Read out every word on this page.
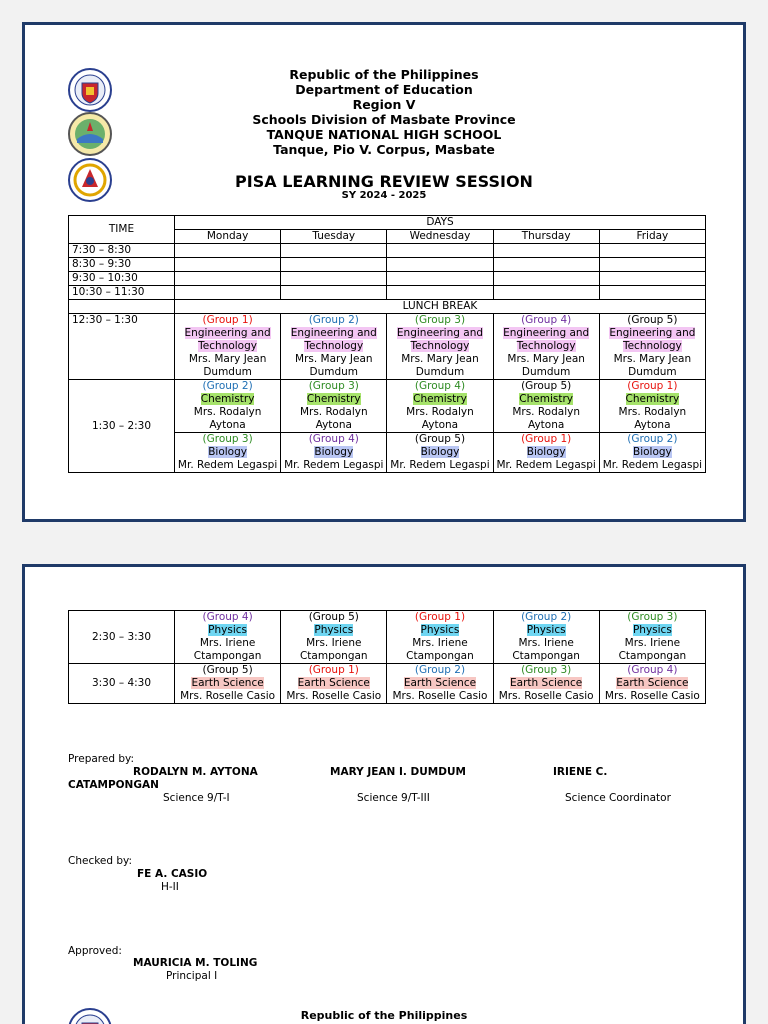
Republic of the Philippines
Department of Education
Region V
Schools Division of Masbate Province
TANQUE NATIONAL HIGH SCHOOL
Tanque, Pio V. Corpus, Masbate
PISA LEARNING REVIEW SESSION
SY 2024 - 2025
TIME	DAYS				
	Monday	Tuesday	Wednesday	Thursday	Friday
7:30 – 8:30					
8:30 – 9:30					
9:30 – 10:30					
10:30 – 11:30					
	LUNCH BREAK				
12:30 – 1:30	(Group 1)
Engineering and Technology
Mrs. Mary Jean Dumdum	(Group 2)
Engineering and Technology
Mrs. Mary Jean Dumdum	(Group 3)
Engineering and Technology
Mrs. Mary Jean Dumdum	(Group 4)
Engineering and Technology
Mrs. Mary Jean Dumdum	(Group 5)
Engineering and Technology
Mrs. Mary Jean Dumdum
1:30 – 2:30	(Group 2)
Chemistry
Mrs. Rodalyn Aytona	(Group 3)
Chemistry
Mrs. Rodalyn Aytona	(Group 4)
Chemistry
Mrs. Rodalyn Aytona	(Group 5)
Chemistry
Mrs. Rodalyn Aytona	(Group 1)
Chemistry
Mrs. Rodalyn Aytona

	(Group 3)
Biology
Mr. Redem Legaspi	(Group 4)
Biology
Mr. Redem Legaspi	(Group 5)
Biology
Mr. Redem Legaspi	(Group 1)
Biology
Mr. Redem Legaspi	(Group 2)
Biology
Mr. Redem Legaspi
2:30 – 3:30	(Group 4)
Physics
Mrs. Iriene Ctampongan	(Group 5)
Physics
Mrs. Iriene Ctampongan	(Group 1)
Physics
Mrs. Iriene Ctampongan	(Group 2)
Physics
Mrs. Iriene Ctampongan	(Group 3)
Physics
Mrs. Iriene Ctampongan
3:30 – 4:30	(Group 5)
Earth Science
Mrs. Roselle Casio	(Group 1)
Earth Science
Mrs. Roselle Casio	(Group 2)
Earth Science
Mrs. Roselle Casio	(Group 3)
Earth Science
Mrs. Roselle Casio	(Group 4)
Earth Science
Mrs. Roselle Casio
Prepared by:
RODALYN M. AYTONA	MARY JEAN I. DUMDUM	IRIENE C.
CATAMPONGAN
Science 9/T-I	Science 9/T-III	Science Coordinator
Checked by:
FE A. CASIO
H-II
Approved:
MAURICIA M. TOLING
Principal I
Republic of the Philippines
